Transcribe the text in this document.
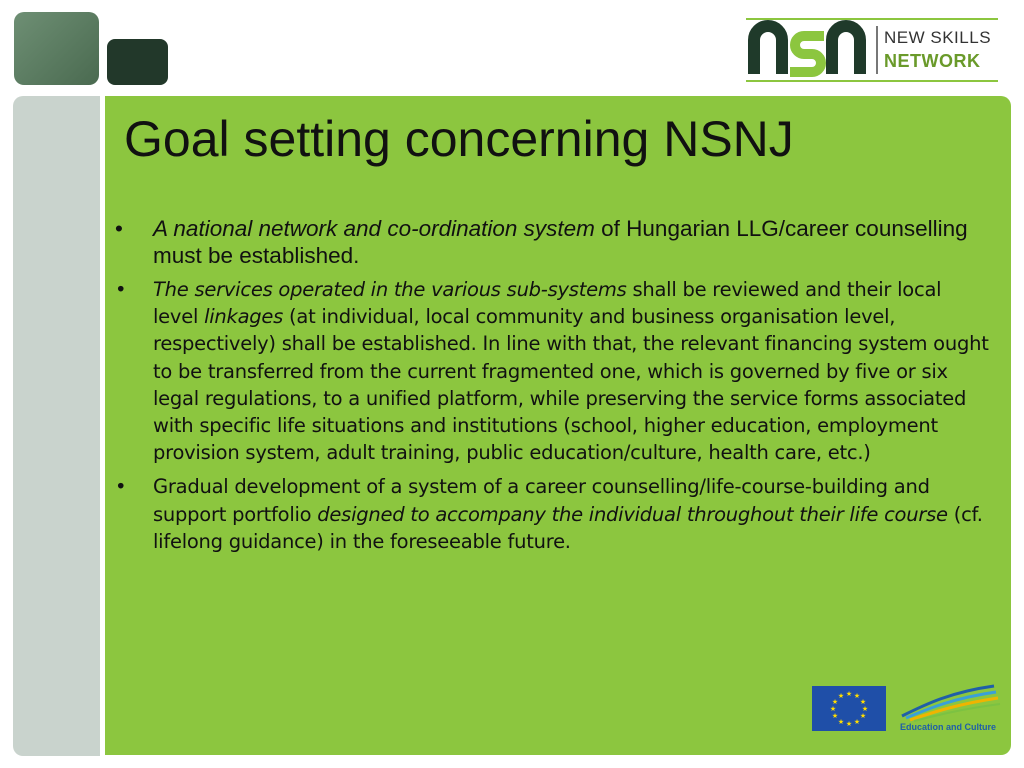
NEW SKILLS
NETWORK
Goal setting concerning NSNJ
• A national network and co-ordination system of Hungarian LLG/career counselling must be established.
• The services operated in the various sub-systems shall be reviewed and their local level linkages (at individual, local community and business organisation level, respectively) shall be established. In line with that, the relevant financing system ought to be transferred from the current fragmented one, which is governed by five or six legal regulations, to a unified platform, while preserving the service forms associated with specific life situations and institutions (school, higher education, employment provision system, adult training, public education/culture, health care, etc.)
• Gradual development of a system of a career counselling/life-course-building and support portfolio designed to accompany the individual throughout their life course (cf. lifelong guidance) in the foreseeable future.
★ ★
★
★
★
★
★
★
★
★
★
★
Education and Culture
